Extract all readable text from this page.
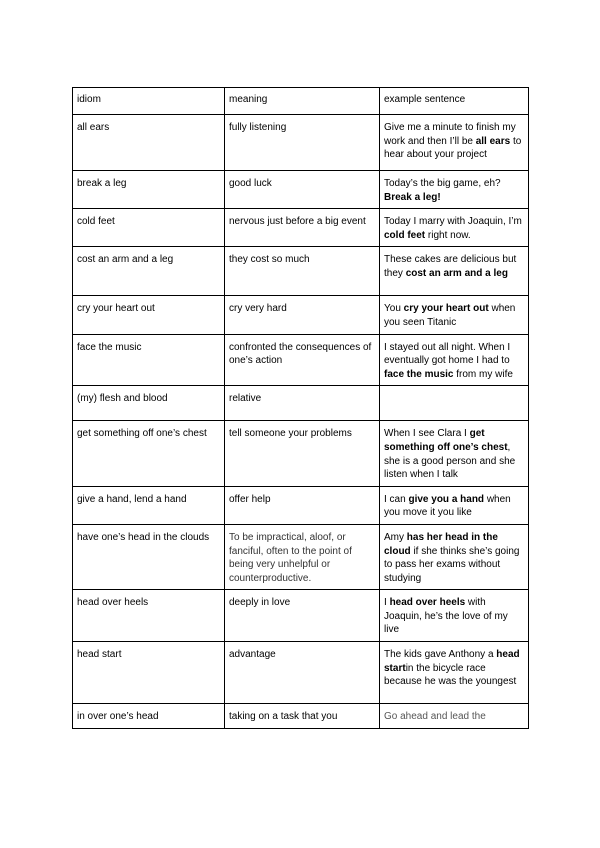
idiom	meaning	example sentence
all ears	fully listening	Give me a minute to finish my work and then I’ll be all ears to hear about your project
break a leg	good luck	Today’s the big game, eh? Break a leg!
cold feet	nervous just before a big event	Today I marry with Joaquin, I’m cold feet right now.
cost an arm and a leg	they cost so much	These cakes are delicious but they cost an arm and a leg
cry your heart out	cry very hard	You cry your heart out when you seen Titanic
face the music	confronted the consequences of one’s action	I stayed out all night. When I eventually got home I had to face the music from my wife
(my) flesh and blood	relative	
get something off one’s chest	tell someone your problems	When I see Clara I get something off one’s chest, she is a good person and she listen when I talk
give a hand, lend a hand	offer help	I can give you a hand when you move it you like
have one’s head in the clouds	To be impractical, aloof, or fanciful, often to the point of being very unhelpful or counterproductive.	Amy has her head in the cloud if she thinks she’s going to pass her exams without studying
head over heels	deeply in love	I head over heels with Joaquin, he’s the love of my live
head start	advantage	The kids gave Anthony a head startin the bicycle race because he was the youngest
in over one’s head	taking on a task that you	Go ahead and lead the
